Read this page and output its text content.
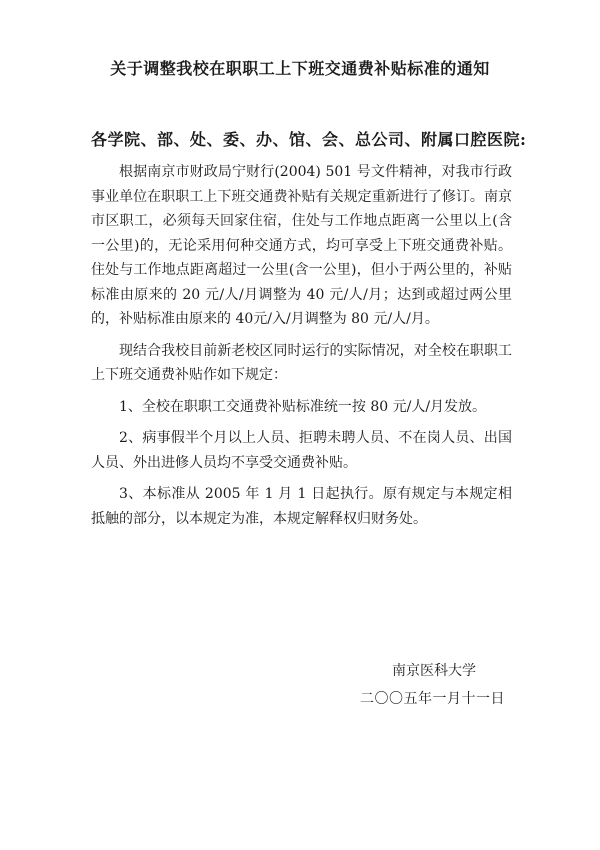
关于调整我校在职职工上下班交通费补贴标准的通知
各学院、部、处、委、办、馆、会、总公司、附属口腔医院:

根据南京市财政局宁财行(2004) 501 号文件精神，对我市行政事业单位在职职工上下班交通费补贴有关规定重新进行了修订。南京市区职工，必须每天回家住宿，住处与工作地点距离一公里以上(含一公里)的，无论采用何种交通方式，均可享受上下班交通费补贴。住处与工作地点距离超过一公里(含一公里)，但小于两公里的，补贴标准由原来的 20 元/人/月调整为 40 元/人/月；达到或超过两公里的，补贴标准由原来的 40元/入/月调整为 80 元/人/月。

现结合我校目前新老校区同时运行的实际情况，对全校在职职工上下班交通费补贴作如下规定：

1、全校在职职工交通费补贴标准统一按 80 元/人/月发放。

2、病事假半个月以上人员、拒聘未聘人员、不在岗人员、出国人员、外出进修人员均不享受交通费补贴。

3、本标准从 2005 年 1 月 1 日起执行。原有规定与本规定相抵触的部分，以本规定为准，本规定解释权归财务处。

南京医科大学
二〇〇五年一月十一日
